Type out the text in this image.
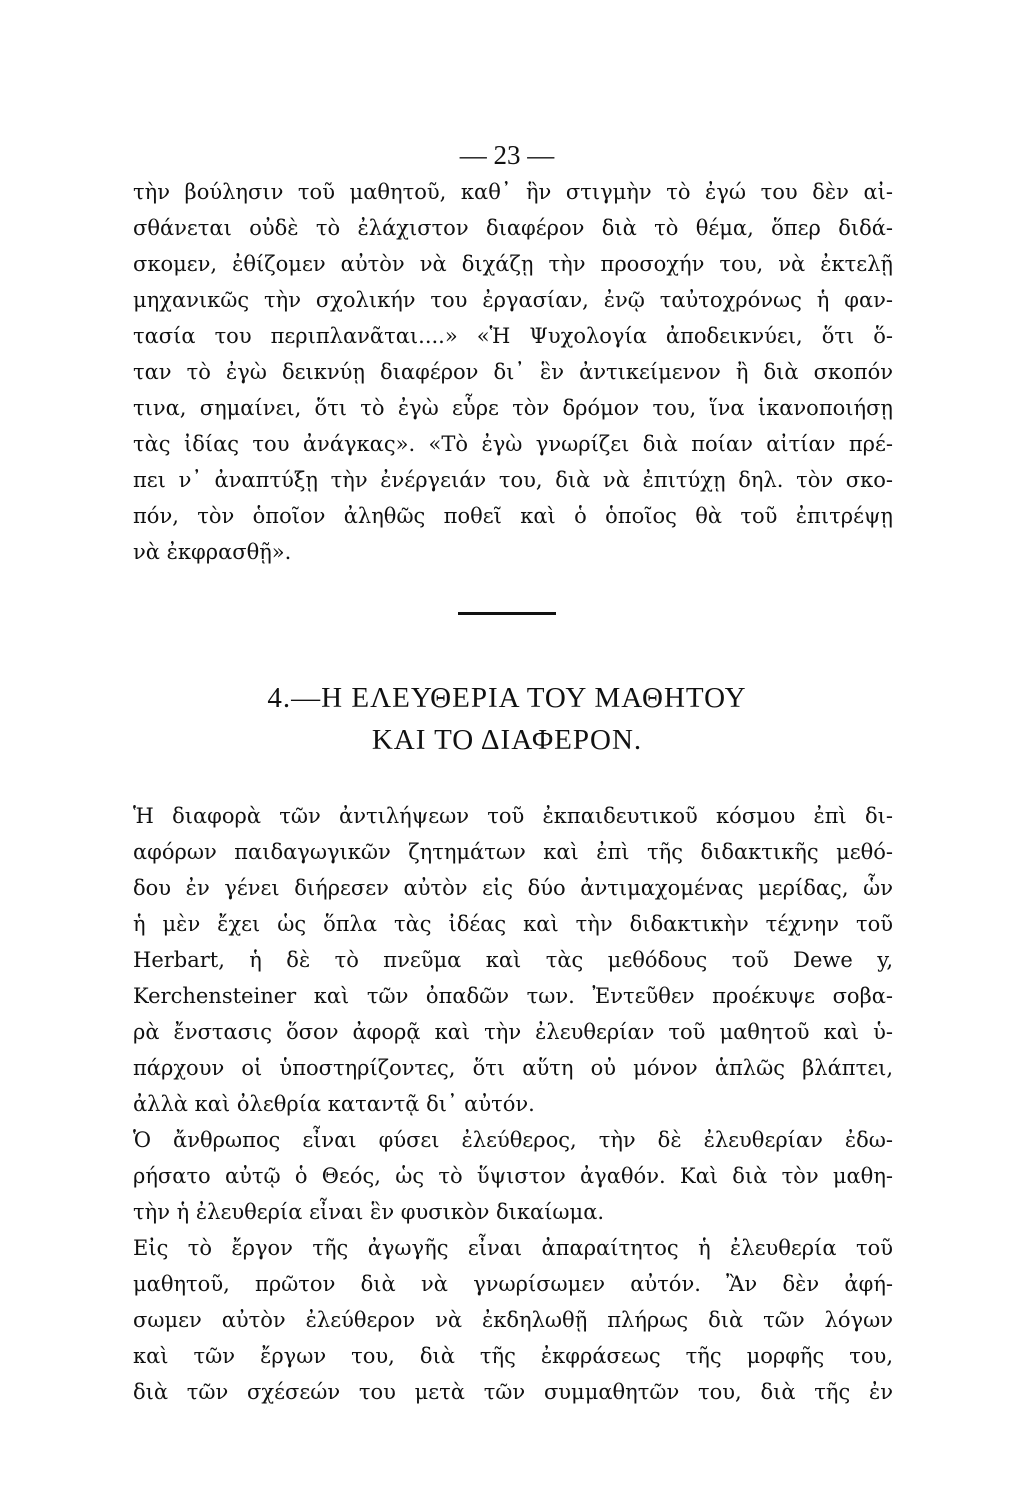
— 23 —
τὴν βούλησιν τοῦ μαθητοῦ, καθ᾽ ἣν στιγμὴν τὸ ἐγώ του δὲν αἰ-
σθάνεται οὐδὲ τὸ ἐλάχιστον διαφέρον διὰ τὸ θέμα, ὅπερ διδά-
σκομεν, ἐθίζομεν αὐτὸν νὰ διχάζῃ τὴν προσοχήν του, νὰ ἐκτελῇ
μηχανικῶς τὴν σχολικήν του ἐργασίαν, ἐνῷ ταὐτοχρόνως ἡ φαν-
τασία του περιπλανᾶται....» «Ἡ Ψυχολογία ἀποδεικνύει, ὅτι ὅ-
ταν τὸ ἐγὼ δεικνύῃ διαφέρον δι᾽ ἓν ἀντικείμενον ἢ διὰ σκοπόν
τινα, σημαίνει, ὅτι τὸ ἐγὼ εὗρε τὸν δρόμον του, ἵνα ἱκανοποιήσῃ
τὰς ἰδίας του ἀνάγκας». «Τὸ ἐγὼ γνωρίζει διὰ ποίαν αἰτίαν πρέ-
πει ν᾽ ἀναπτύξῃ τὴν ἐνέργειάν του, διὰ νὰ ἐπιτύχῃ δηλ. τὸν σκο-
πόν, τὸν ὁποῖον ἀληθῶς ποθεῖ καὶ ὁ ὁποῖος θὰ τοῦ ἐπιτρέψῃ
νὰ ἐκφρασθῇ».
4.—Η ΕΛΕΥΘΕΡΙΑ ΤΟΥ ΜΑΘΗΤΟΥ
ΚΑΙ ΤΟ ΔΙΑΦΕΡΟΝ.
Ἡ διαφορὰ τῶν ἀντιλήψεων τοῦ ἐκπαιδευτικοῦ κόσμου ἐπὶ δι-
αφόρων παιδαγωγικῶν ζητημάτων καὶ ἐπὶ τῆς διδακτικῆς μεθό-
δου ἐν γένει διήρεσεν αὐτὸν εἰς δύο ἀντιμαχομένας μερίδας, ὧν
ἡ μὲν ἔχει ὡς ὅπλα τὰς ἰδέας καὶ τὴν διδακτικὴν τέχνην τοῦ
Herbart, ἡ δὲ τὸ πνεῦμα καὶ τὰς μεθόδους τοῦ Dewe y,
Kerchensteiner καὶ τῶν ὀπαδῶν των. Ἐντεῦθεν προέκυψε σοβα-
ρὰ ἔνστασις ὅσον ἀφορᾷ καὶ τὴν ἐλευθερίαν τοῦ μαθητοῦ καὶ ὑ-
πάρχουν οἱ ὑποστηρίζοντες, ὅτι αὕτη οὐ μόνον ἁπλῶς βλάπτει,
ἀλλὰ καὶ ὀλεθρία καταντᾷ δι᾽ αὐτόν.
Ὁ ἄνθρωπος εἶναι φύσει ἐλεύθερος, τὴν δὲ ἐλευθερίαν ἐδω-
ρήσατο αὐτῷ ὁ Θεός, ὡς τὸ ὕψιστον ἀγαθόν. Καὶ διὰ τὸν μαθη-
τὴν ἡ ἐλευθερία εἶναι ἓν φυσικὸν δικαίωμα.
Εἰς τὸ ἔργον τῆς ἀγωγῆς εἶναι ἀπαραίτητος ἡ ἐλευθερία τοῦ
μαθητοῦ, πρῶτον διὰ νὰ γνωρίσωμεν αὐτόν. Ἂν δὲν ἀφή-
σωμεν αὐτὸν ἐλεύθερον νὰ ἐκδηλωθῇ πλήρως διὰ τῶν λόγων
καὶ τῶν ἔργων του, διὰ τῆς ἐκφράσεως τῆς μορφῆς του,
διὰ τῶν σχέσεών του μετὰ τῶν συμμαθητῶν του, διὰ τῆς ἐν
